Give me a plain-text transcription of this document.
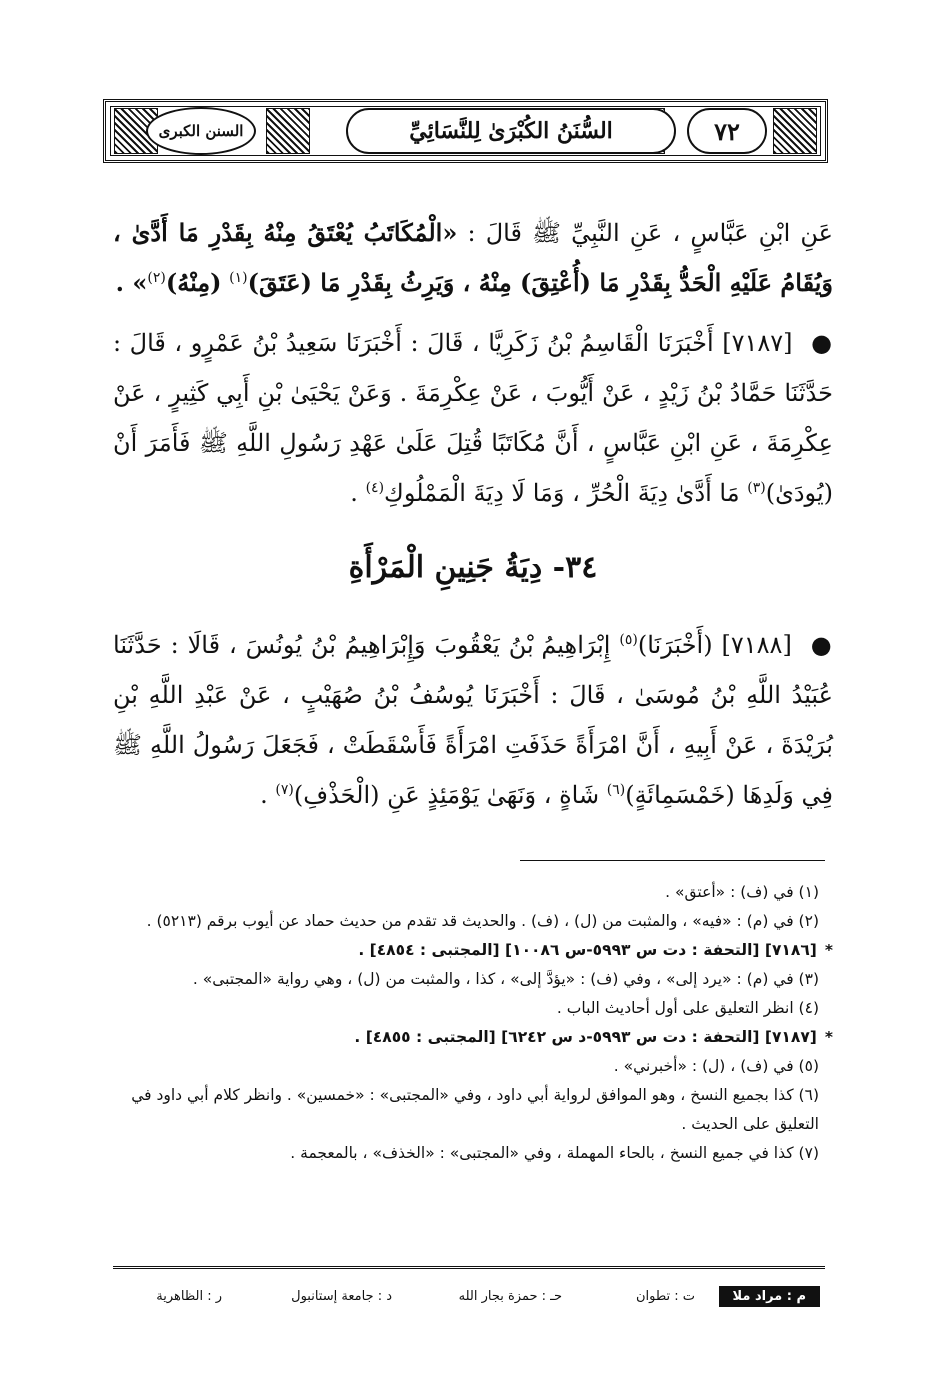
السنن الكبرى	السُّنَنُ الكُبْرَىٰ لِلنَّسَائِيِّ	٧٢
عَنِ ابْنِ عَبَّاسٍ ، عَنِ النَّبِيِّ ﷺ قَالَ : «الْمُكَاتَبُ يُعْتَقُ مِنْهُ بِقَدْرِ مَا أَدَّىٰ ، وَيُقَامُ عَلَيْهِ الْحَدُّ بِقَدْرِ مَا (أُعْتِقَ) مِنْهُ ، وَيَرِثُ بِقَدْرِ مَا (عَتَقَ)$^{(١)}$ (مِنْهُ)$^{(٢)}$» .
● [٧١٨٧] أَخْبَرَنَا الْقَاسِمُ بْنُ زَكَرِيَّا ، قَالَ : أَخْبَرَنَا سَعِيدُ بْنُ عَمْرٍو ، قَالَ : حَدَّثَنَا حَمَّادُ بْنُ زَيْدٍ ، عَنْ أَيُّوبَ ، عَنْ عِكْرِمَةَ . وَعَنْ يَحْيَىٰ بْنِ أَبِي كَثِيرٍ ، عَنْ عِكْرِمَةَ ، عَنِ ابْنِ عَبَّاسٍ ، أَنَّ مُكَاتَبًا قُتِلَ عَلَىٰ عَهْدِ رَسُولِ اللَّهِ ﷺ فَأَمَرَ أَنْ (يُودَىٰ)$^{(٣)}$ مَا أَدَّىٰ دِيَةَ الْحُرِّ ، وَمَا لَا دِيَةَ الْمَمْلُوكِ$^{(٤)}$ .
٣٤- دِيَةُ جَنِينِ الْمَرْأَةِ
● [٧١٨٨] (أَخْبَرَنَا)$^{(٥)}$ إِبْرَاهِيمُ بْنُ يَعْقُوبَ وَإِبْرَاهِيمُ بْنُ يُونُسَ ، قَالَا : حَدَّثَنَا عُبَيْدُ اللَّهِ بْنُ مُوسَىٰ ، قَالَ : أَخْبَرَنَا يُوسُفُ بْنُ صُهَيْبٍ ، عَنْ عَبْدِ اللَّهِ بْنِ بُرَيْدَةَ ، عَنْ أَبِيهِ ، أَنَّ امْرَأَةً حَذَفَتِ امْرَأَةً فَأَسْقَطَتْ ، فَجَعَلَ رَسُولُ اللَّهِ ﷺ فِي وَلَدِهَا (خَمْسَمِائَةٍ)$^{(٦)}$ شَاةٍ ، وَنَهَىٰ يَوْمَئِذٍ عَنِ (الْحَذْفِ)$^{(٧)}$ .
(١) في (ف) : «أعتق» .
(٢) في (م) : «فيه» ، والمثبت من (ل) ، (ف) . والحديث قد تقدم من حديث حماد عن أيوب برقم (٥٢١٣) .
*[٧١٨٦] [التحفة : دت س ٥٩٩٣-س ١٠٠٨٦] [المجتبى : ٤٨٥٤] .
(٣) في (م) : «يرد إلى» ، وفي (ف) : «يؤدَّ إلى» ، كذا ، والمثبت من (ل) ، وهي رواية «المجتبى» .
(٤) انظر التعليق على أول أحاديث الباب .
*[٧١٨٧] [التحفة : دت س ٥٩٩٣-د س ٦٢٤٢] [المجتبى : ٤٨٥٥] .
(٥) في (ف) ، (ل) : «أخبرني» .
(٦) كذا بجميع النسخ ، وهو الموافق لرواية أبي داود ، وفي «المجتبى» : «خمسين» . وانظر كلام أبي داود في التعليق على الحديث .
(٧) كذا في جميع النسخ ، بالحاء المهملة ، وفي «المجتبى» : «الخذف» ، بالمعجمة .
م : مراد ملا
ت : تطوان
حـ : حمزة بجار الله
د : جامعة إستانبول
ر : الظاهرية
